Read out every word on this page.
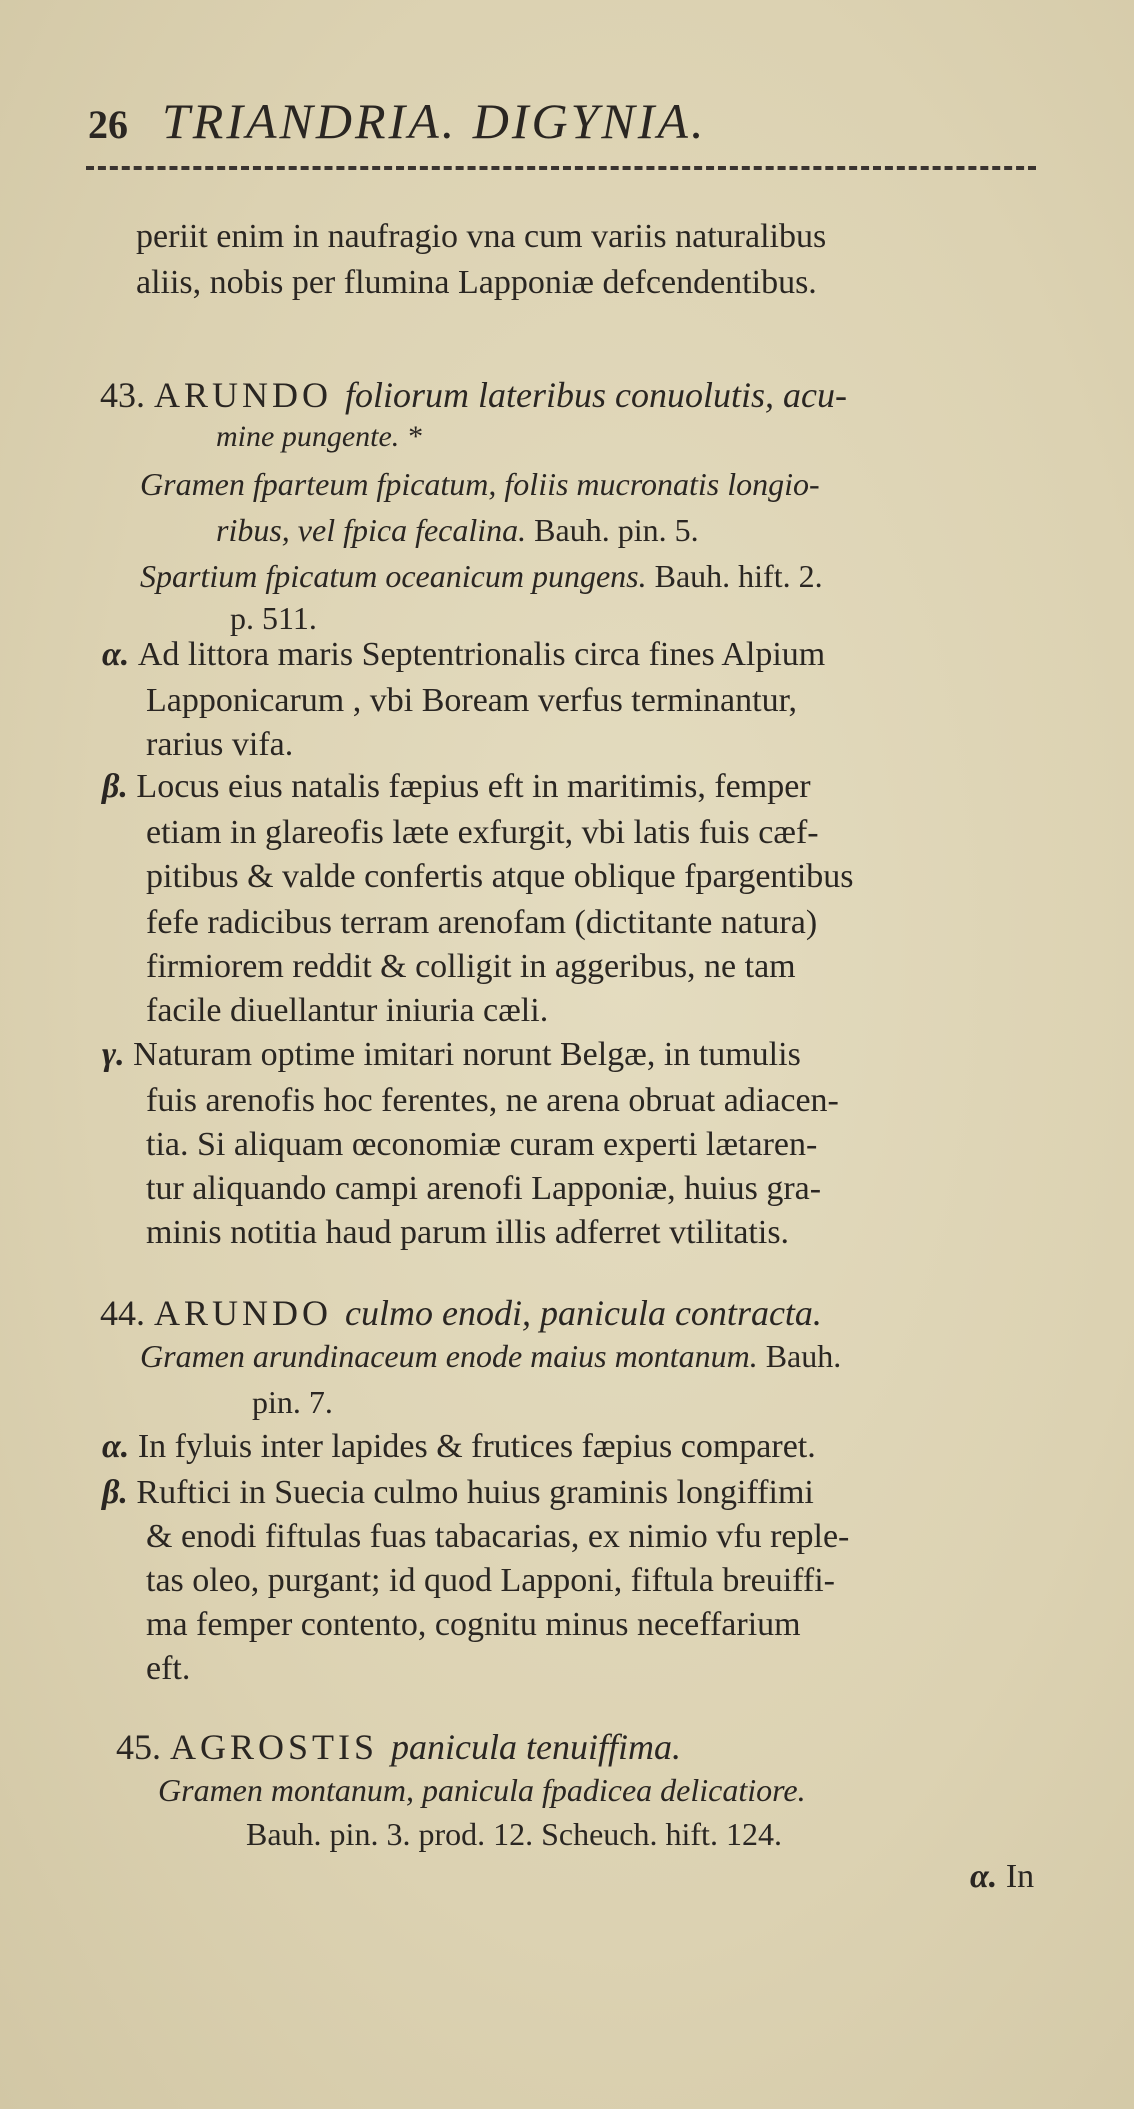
26 TRIANDRIA. DIGYNIA.
periit enim in naufragio vna cum variis naturalibus
aliis, nobis per flumina Lapponiæ defcendentibus.
43. ARUNDO foliorum lateribus conuolutis, acu-
mine pungente. *
Gramen fparteum fpicatum, foliis mucronatis longio-
ribus, vel fpica fecalina. Bauh. pin. 5.
Spartium fpicatum oceanicum pungens. Bauh. hift. 2.
p. 511.
α. Ad littora maris Septentrionalis circa fines Alpium
Lapponicarum , vbi Boream verfus terminantur,
rarius vifa.
β. Locus eius natalis fæpius eft in maritimis, femper
etiam in glareofis læte exfurgit, vbi latis fuis cæf-
pitibus & valde confertis atque oblique fpargentibus
fefe radicibus terram arenofam (dictitante natura)
firmiorem reddit & colligit in aggeribus, ne tam
facile diuellantur iniuria cæli.
γ. Naturam optime imitari norunt Belgæ, in tumulis
fuis arenofis hoc ferentes, ne arena obruat adiacen-
tia. Si aliquam œconomiæ curam experti lætaren-
tur aliquando campi arenofi Lapponiæ, huius gra-
minis notitia haud parum illis adferret vtilitatis.
44. ARUNDO culmo enodi, panicula contracta.
Gramen arundinaceum enode maius montanum. Bauh.
pin. 7.
α. In fyluis inter lapides & frutices fæpius comparet.
β. Ruftici in Suecia culmo huius graminis longiffimi
& enodi fiftulas fuas tabacarias, ex nimio vfu reple-
tas oleo, purgant; id quod Lapponi, fiftula breuiffi-
ma femper contento, cognitu minus neceffarium
eft.
45. AGROSTIS panicula tenuiffima.
Gramen montanum, panicula fpadicea delicatiore.
Bauh. pin. 3. prod. 12. Scheuch. hift. 124.
α. In
